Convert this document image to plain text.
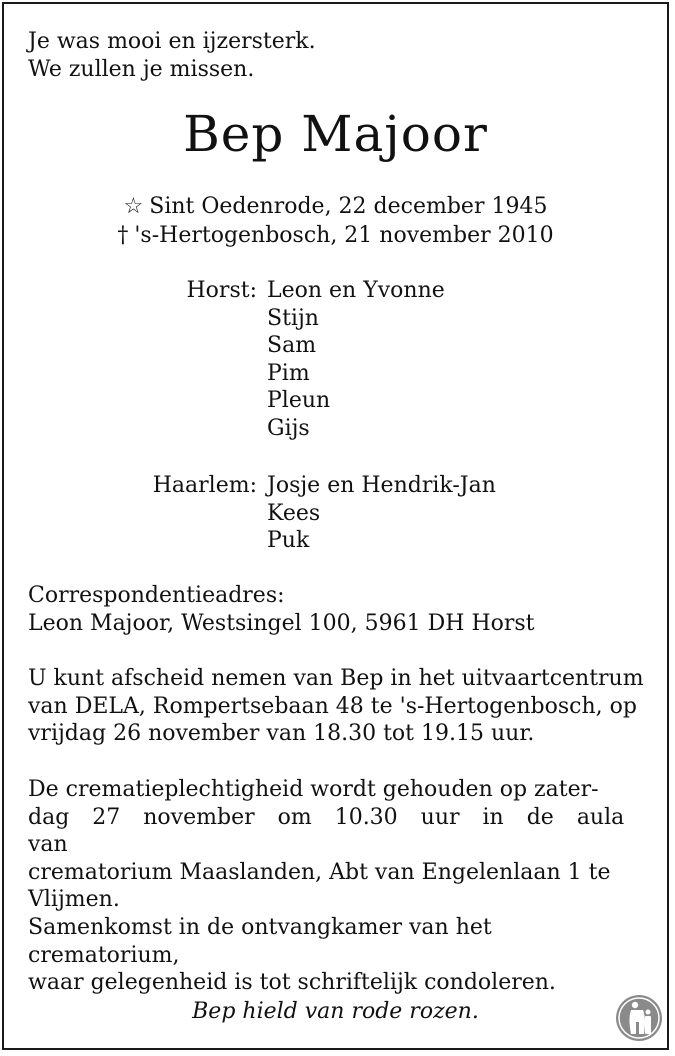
Je was mooi en ijzersterk.
We zullen je missen.
Bep Majoor
☆ Sint Oedenrode, 22 december 1945
† 's-Hertogenbosch, 21 november 2010
Horst: Leon en Yvonne
Stijn
Sam
Pim
Pleun
Gijs
Haarlem: Josje en Hendrik-Jan
Kees
Puk

Correspondentieadres:

Leon Majoor, Westsingel 100, 5961 DH Horst

U kunt afscheid nemen van Bep in het uitvaartcentrum

van DELA, Rompertsebaan 48 te 's-Hertogenbosch, op

vrijdag 26 november van 18.30 tot 19.15 uur.

De crematieplechtigheid wordt gehouden op zater-

dag 27 november om 10.30 uur in de aula van

crematorium Maaslanden, Abt van Engelenlaan 1 te

Vlijmen.

Samenkomst in de ontvangkamer van het crematorium,

waar gelegenheid is tot schriftelijk condoleren.

Bep hield van rode rozen.
